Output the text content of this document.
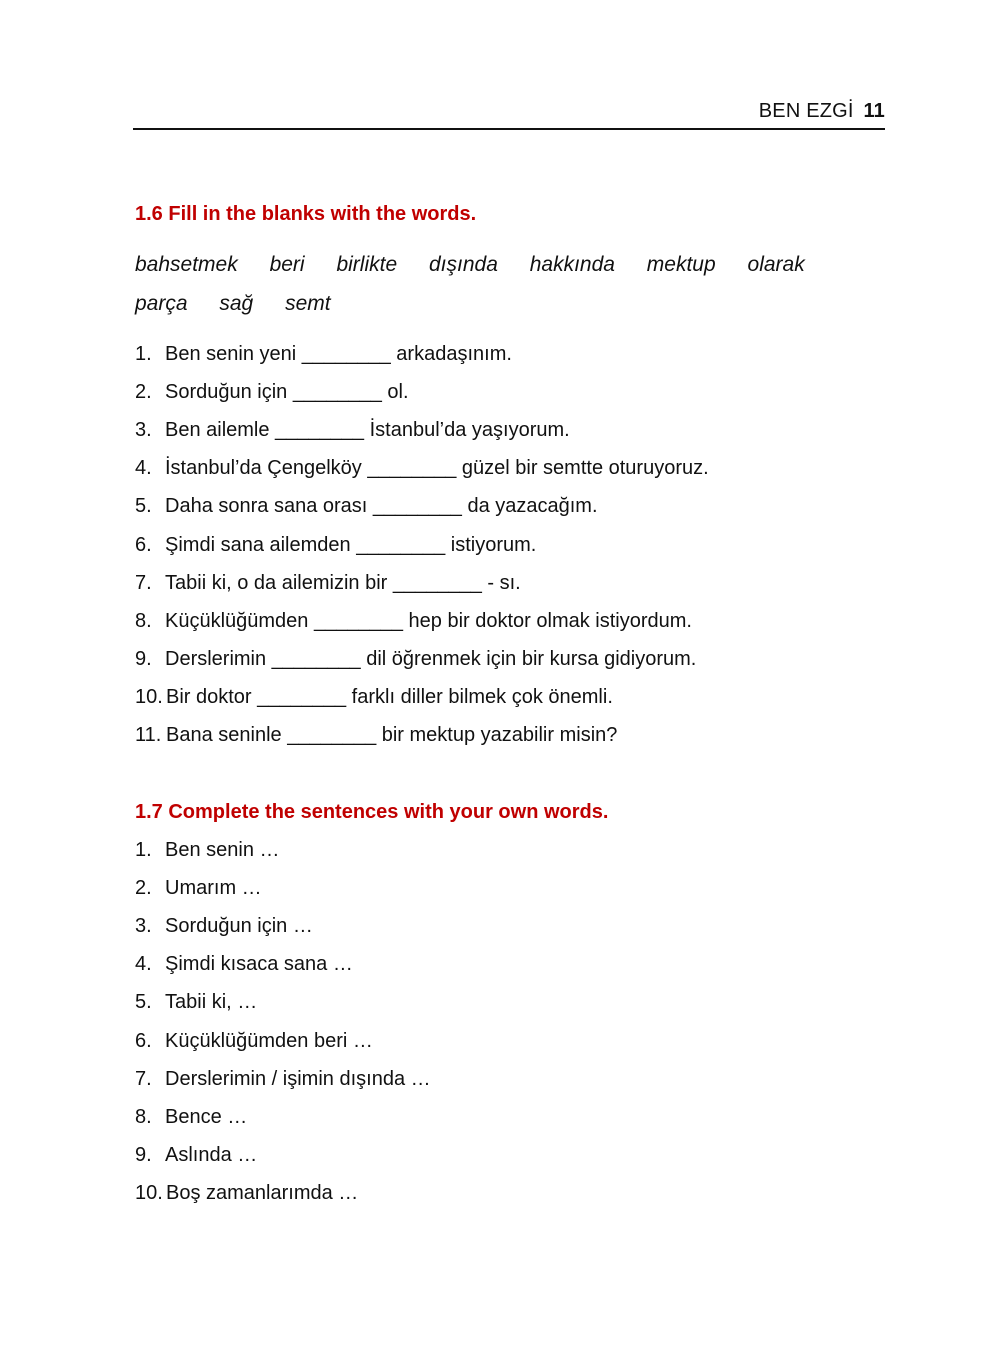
BEN EZGİ 11
1.6 Fill in the blanks with the words.
bahsetmek beri birlikte dışında hakkında mektup olarak
parça sağ semt
1. Ben senin yeni ________ arkadaşınım.
2. Sorduğun için ________ ol.
3. Ben ailemle ________ İstanbul’da yaşıyorum.
4. İstanbul’da Çengelköy ________ güzel bir semtte oturuyoruz.
5. Daha sonra sana orası ________ da yazacağım.
6. Şimdi sana ailemden ________ istiyorum.
7. Tabii ki, o da ailemizin bir ________ - sı.
8. Küçüklüğümden ________ hep bir doktor olmak istiyordum.
9. Derslerimin ________ dil öğrenmek için bir kursa gidiyorum.
10. Bir doktor ________ farklı diller bilmek çok önemli.
11. Bana seninle ________ bir mektup yazabilir misin?
1.7 Complete the sentences with your own words.
1. Ben senin …
2. Umarım …
3. Sorduğun için …
4. Şimdi kısaca sana …
5. Tabii ki, …
6. Küçüklüğümden beri …
7. Derslerimin / işimin dışında …
8. Bence …
9. Aslında …
10. Boş zamanlarımda …
